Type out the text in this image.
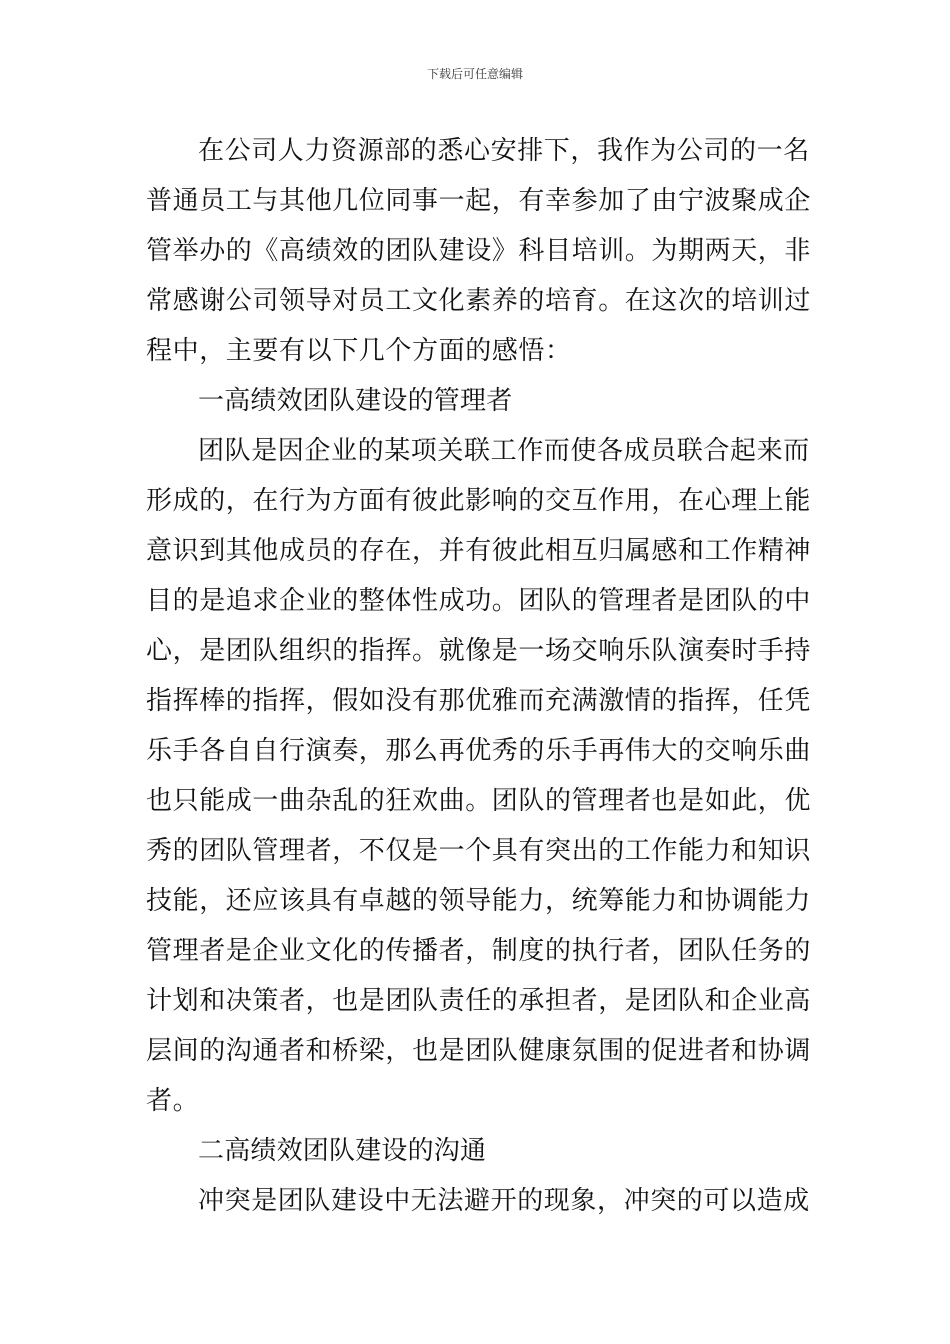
下载后可任意编辑
在公司人力资源部的悉心安排下，我作为公司的一名
普通员工与其他几位同事一起，有幸参加了由宁波聚成企
管举办的《高绩效的团队建设》科目培训。为期两天，非
常感谢公司领导对员工文化素养的培育。在这次的培训过
程中，主要有以下几个方面的感悟：
一高绩效团队建设的管理者
团队是因企业的某项关联工作而使各成员联合起来而
形成的，在行为方面有彼此影响的交互作用，在心理上能
意识到其他成员的存在，并有彼此相互归属感和工作精神
目的是追求企业的整体性成功。团队的管理者是团队的中
心，是团队组织的指挥。就像是一场交响乐队演奏时手持
指挥棒的指挥，假如没有那优雅而充满激情的指挥，任凭
乐手各自自行演奏，那么再优秀的乐手再伟大的交响乐曲
也只能成一曲杂乱的狂欢曲。团队的管理者也是如此，优
秀的团队管理者，不仅是一个具有突出的工作能力和知识
技能，还应该具有卓越的领导能力，统筹能力和协调能力
管理者是企业文化的传播者，制度的执行者，团队任务的
计划和决策者，也是团队责任的承担者，是团队和企业高
层间的沟通者和桥梁，也是团队健康氛围的促进者和协调
者。
二高绩效团队建设的沟通
冲突是团队建设中无法避开的现象，冲突的可以造成
